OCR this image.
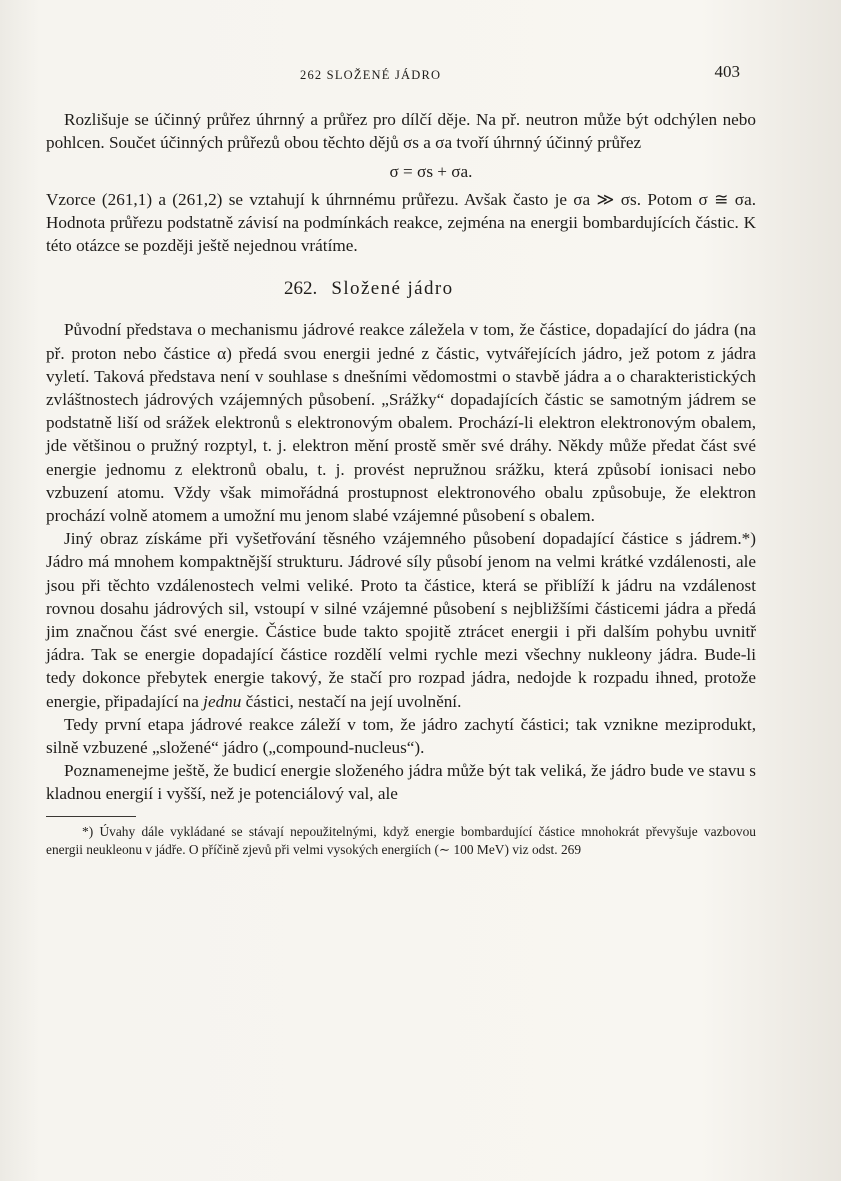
262 SLOŽENÉ JÁDRO	403

Rozlišuje se účinný průřez úhrnný a průřez pro dílčí děje. Na př. neutron může být odchýlen nebo pohlcen. Součet účinných průřezů obou těchto dějů σs a σa tvoří úhrnný účinný průřez

σ = σs + σa.

Vzorce (261,1) a (261,2) se vztahují k úhrnnému průřezu. Avšak často je σa ≫ σs. Potom σ ≅ σa. Hodnota průřezu podstatně závisí na podmínkách reakce, zejména na energii bombardujících částic. K této otázce se později ještě nejednou vrátíme.

262. Složené jádro

Původní představa o mechanismu jádrové reakce záležela v tom, že částice, dopadající do jádra (na př. proton nebo částice α) předá svou energii jedné z částic, vytvářejících jádro, jež potom z jádra vyletí. Taková představa není v souhlase s dnešními vědomostmi o stavbě jádra a o charakteristických zvláštnostech jádrových vzájemných působení. „Srážky“ dopadajících částic se samotným jádrem se podstatně liší od srážek elektronů s elektronovým obalem. Prochází-li elektron elektronovým obalem, jde většinou o pružný rozptyl, t. j. elektron mění prostě směr své dráhy. Někdy může předat část své energie jednomu z elektronů obalu, t. j. provést nepružnou srážku, která způsobí ionisaci nebo vzbuzení atomu. Vždy však mimořádná prostupnost elektronového obalu způsobuje, že elektron prochází volně atomem a umožní mu jenom slabé vzájemné působení s obalem.

Jiný obraz získáme při vyšetřování těsného vzájemného působení dopadající částice s jádrem.*) Jádro má mnohem kompaktnější strukturu. Jádrové síly působí jenom na velmi krátké vzdálenosti, ale jsou při těchto vzdálenostech velmi veliké. Proto ta částice, která se přiblíží k jádru na vzdálenost rovnou dosahu jádrových sil, vstoupí v silné vzájemné působení s nejbližšími částicemi jádra a předá jim značnou část své energie. Částice bude takto spojitě ztrácet energii i při dalším pohybu uvnitř jádra. Tak se energie dopadající částice rozdělí velmi rychle mezi všechny nukleony jádra. Bude-li tedy dokonce přebytek energie takový, že stačí pro rozpad jádra, nedojde k rozpadu ihned, protože energie, připadající na jednu částici, nestačí na její uvolnění.

Tedy první etapa jádrové reakce záleží v tom, že jádro zachytí částici; tak vznikne meziprodukt, silně vzbuzené „složené“ jádro („compound-nucleus“).

Poznamenejme ještě, že budicí energie složeného jádra může být tak veliká, že jádro bude ve stavu s kladnou energií i vyšší, než je potenciálový val, ale

*) Úvahy dále vykládané se stávají nepoužitelnými, když energie bombardující částice mnohokrát převyšuje vazbovou energii neukleonu v jádře. O příčině zjevů při velmi vysokých energiích (∼ 100 MeV) viz odst. 269
